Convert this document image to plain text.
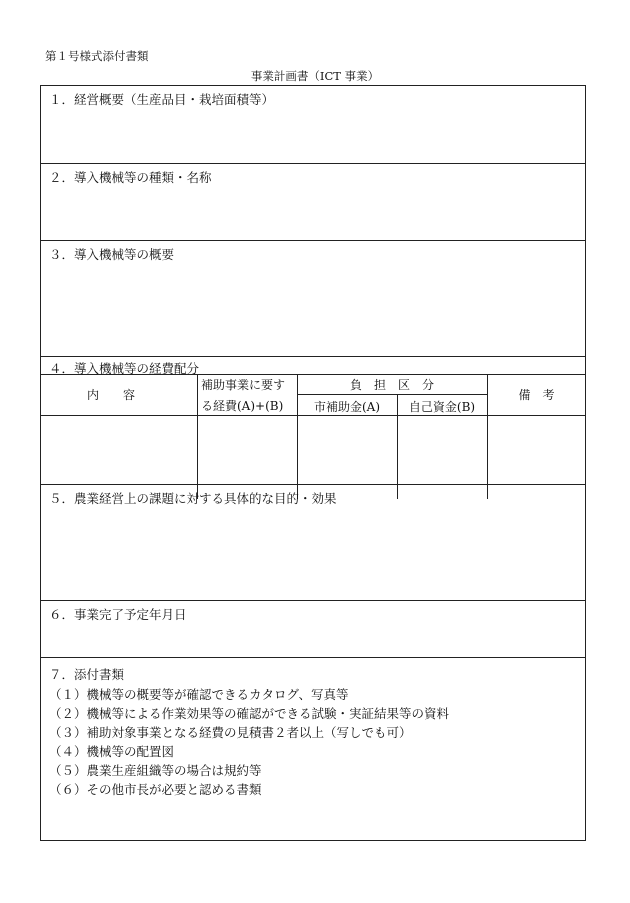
第１号様式添付書類
事業計画書（ICT 事業）
１．経営概要（生産品目・栽培面積等）
２．導入機械等の種類・名称
３．導入機械等の概要
４．導入機械等の経費配分
内　　容
補助事業に要す
る経費(A)+(B)
負　担　区　分
市補助金(A)	自己資金(B)
備　考
５．農業経営上の課題に対する具体的な目的・効果
６．事業完了予定年月日
７．添付書類
（１）機械等の概要等が確認できるカタログ、写真等
（２）機械等による作業効果等の確認ができる試験・実証結果等の資料
（３）補助対象事業となる経費の見積書２者以上（写しでも可）
（４）機械等の配置図
（５）農業生産組織等の場合は規約等
（６）その他市長が必要と認める書類
